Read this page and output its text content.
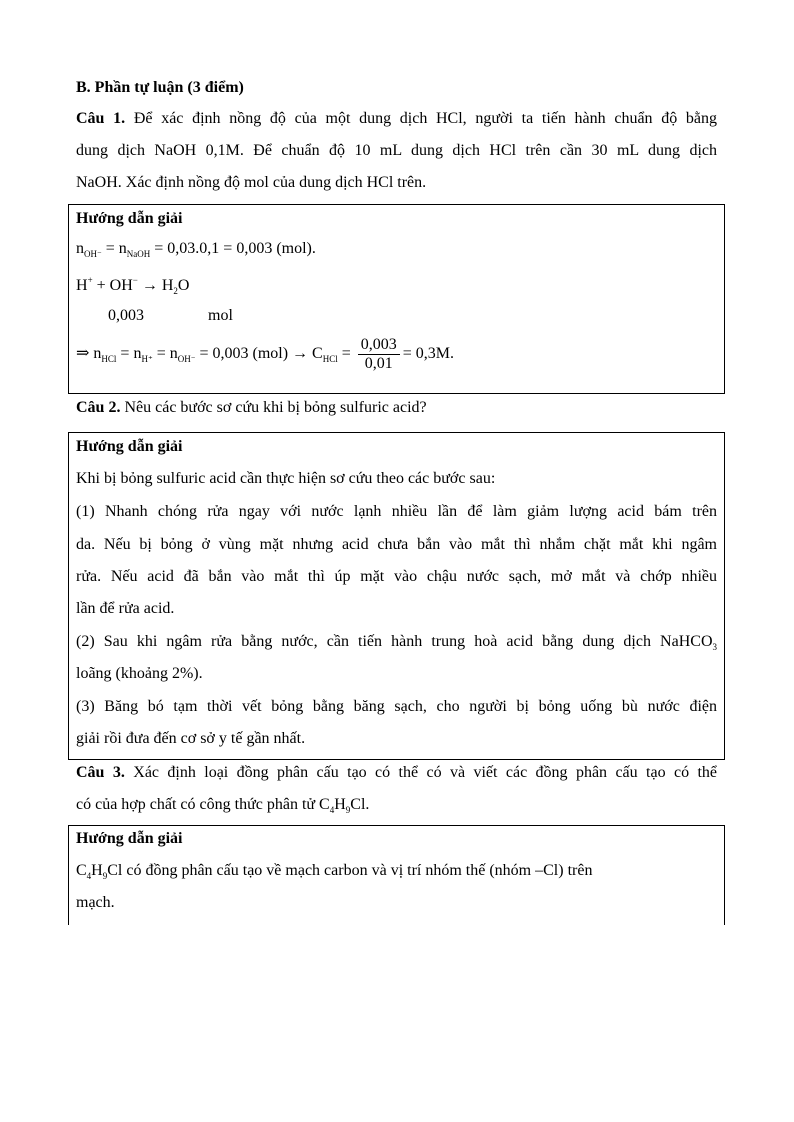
B. Phần tự luận (3 điểm)
Câu 1. Để xác định nồng độ của một dung dịch HCl, người ta tiến hành chuẩn độ bằng
dung dịch NaOH 0,1M. Để chuẩn độ 10 mL dung dịch HCl trên cần 30 mL dung dịch
NaOH. Xác định nồng độ mol của dung dịch HCl trên.
Hướng dẫn giải
$n_{OH^-} = n_{NaOH} = 0,03.0,1 = 0,003$ (mol).
$H^+ + OH^- \to H_2O$
0,003	mol
⇒ $n_{HCl} = n_{H^+} = n_{OH^-} = 0,003$ $(mol) \to C_{HCl} = \frac{0,003}{0,01} = 0,3M$.
Câu 2. Nêu các bước sơ cứu khi bị bỏng sulfuric acid?
Hướng dẫn giải
Khi bị bỏng sulfuric acid cần thực hiện sơ cứu theo các bước sau:
(1) Nhanh chóng rửa ngay với nước lạnh nhiều lần để làm giảm lượng acid bám trên
da. Nếu bị bỏng ở vùng mặt nhưng acid chưa bắn vào mắt thì nhắm chặt mắt khi ngâm
rửa. Nếu acid đã bắn vào mắt thì úp mặt vào chậu nước sạch, mở mắt và chớp nhiều
lần để rửa acid.
(2) Sau khi ngâm rửa bằng nước, cần tiến hành trung hoà acid bằng dung dịch NaHCO$_3$
loãng (khoảng 2%).
(3) Băng bó tạm thời vết bỏng bằng băng sạch, cho người bị bỏng uống bù nước điện
giải rồi đưa đến cơ sở y tế gần nhất.
Câu 3. Xác định loại đồng phân cấu tạo có thể có và viết các đồng phân cấu tạo có thể
có của hợp chất có công thức phân tử $C_4H_9Cl$.
Hướng dẫn giải
$C_4H_9Cl$ có đồng phân cấu tạo về mạch carbon và vị trí nhóm thế (nhóm –Cl) trên
mạch.
